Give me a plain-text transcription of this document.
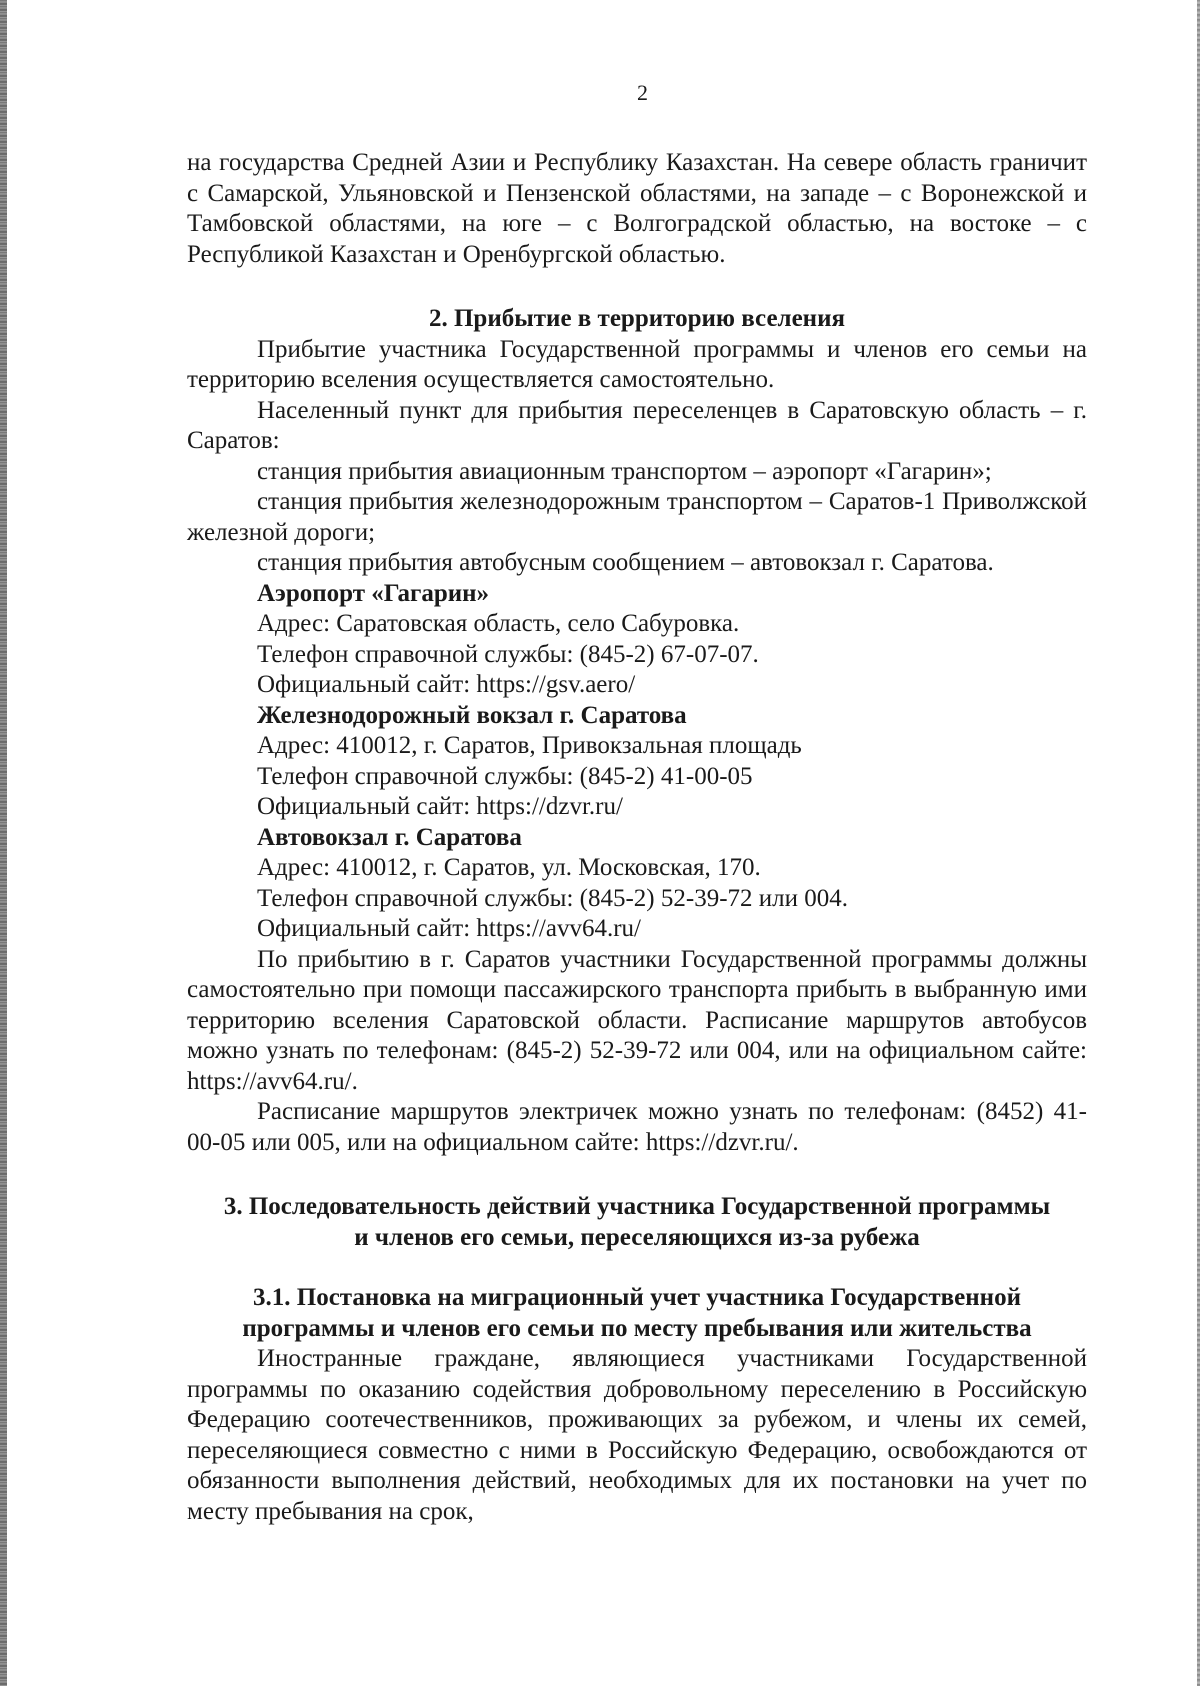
2

на государства Средней Азии и Республику Казахстан. На севере область граничит с Самарской, Ульяновской и Пензенской областями, на западе – с Воронежской и Тамбовской областями, на юге – с Волгоградской областью, на востоке – с Республикой Казахстан и Оренбургской областью.

2. Прибытие в территорию вселения

Прибытие участника Государственной программы и членов его семьи на территорию вселения осуществляется самостоятельно.

Населенный пункт для прибытия переселенцев в Саратовскую область – г. Саратов:

станция прибытия авиационным транспортом – аэропорт «Гагарин»;

станция прибытия железнодорожным транспортом – Саратов-1 Приволжской железной дороги;

станция прибытия автобусным сообщением – автовокзал г. Саратова.

Аэропорт «Гагарин»

Адрес: Саратовская область, село Сабуровка.

Телефон справочной службы: (845-2) 67-07-07.

Официальный сайт: https://gsv.aero/

Железнодорожный вокзал г. Саратова

Адрес: 410012, г. Саратов, Привокзальная площадь

Телефон справочной службы: (845-2) 41-00-05

Официальный сайт: https://dzvr.ru/

Автовокзал г. Саратова

Адрес: 410012, г. Саратов, ул. Московская, 170.

Телефон справочной службы: (845-2) 52-39-72 или 004.

Официальный сайт: https://avv64.ru/

По прибытию в г. Саратов участники Государственной программы должны самостоятельно при помощи пассажирского транспорта прибыть в выбранную ими территорию вселения Саратовской области. Расписание маршрутов автобусов можно узнать по телефонам: (845-2) 52-39-72 или 004, или на официальном сайте: https://avv64.ru/.

Расписание маршрутов электричек можно узнать по телефонам: (8452) 41-00-05 или 005, или на официальном сайте: https://dzvr.ru/.

3. Последовательность действий участника Государственной программы

и членов его семьи, переселяющихся из-за рубежа

3.1. Постановка на миграционный учет участника Государственной

программы и членов его семьи по месту пребывания или жительства

Иностранные граждане, являющиеся участниками Государственной программы по оказанию содействия добровольному переселению в Российскую Федерацию соотечественников, проживающих за рубежом, и члены их семей, переселяющиеся совместно с ними в Российскую Федерацию, освобождаются от обязанности выполнения действий, необходимых для их постановки на учет по месту пребывания на срок,
